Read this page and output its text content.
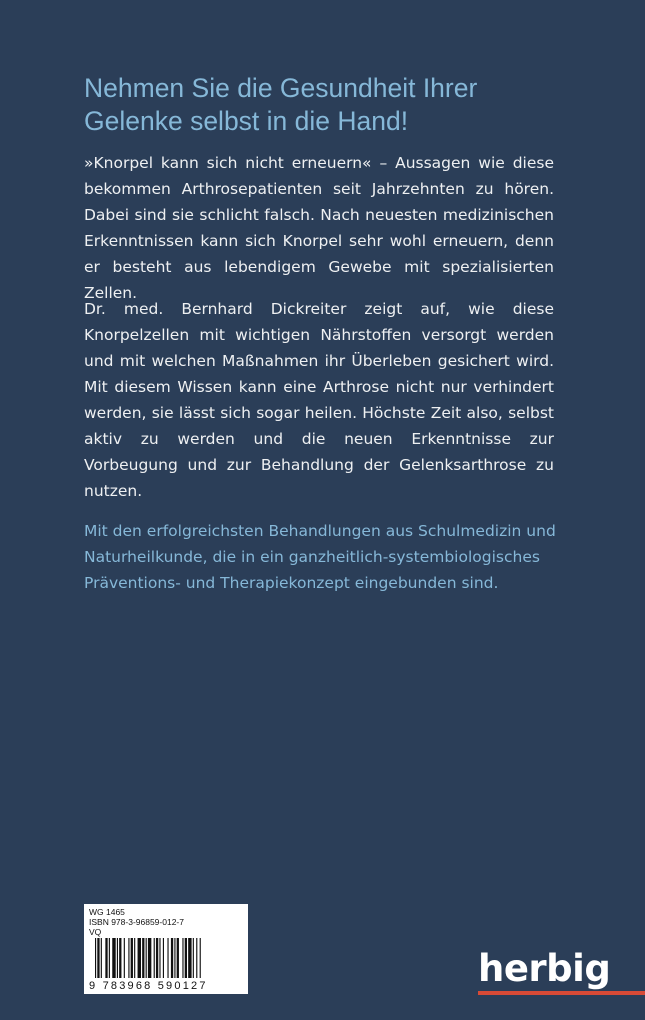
Nehmen Sie die Gesundheit Ihrer
Gelenke selbst in die Hand!

»Knorpel kann sich nicht erneuern« – Aussagen wie diese bekommen Arthrosepatienten seit Jahrzehnten zu hören. Dabei sind sie schlicht falsch. Nach neuesten medizinischen Erkenntnissen kann sich Knorpel sehr wohl erneuern, denn er besteht aus lebendigem Gewebe mit spezialisierten Zellen.

Dr. med. Bernhard Dickreiter zeigt auf, wie diese Knorpelzellen mit wichtigen Nährstoffen versorgt werden und mit welchen Maßnahmen ihr Überleben gesichert wird. Mit diesem Wissen kann eine Arthrose nicht nur verhindert werden, sie lässt sich sogar heilen. Höchste Zeit also, selbst aktiv zu werden und die neuen Erkenntnisse zur Vorbeugung und zur Behandlung der Gelenksarthrose zu nutzen.

Mit den erfolgreichsten Behandlungen aus Schulmedizin und Naturheilkunde, die in ein ganzheitlich-systembiologisches Präventions- und Therapiekonzept eingebunden sind.

WG 1465
ISBN 978-3-96859-012-7
VQ
9 783968 590127	herbig
